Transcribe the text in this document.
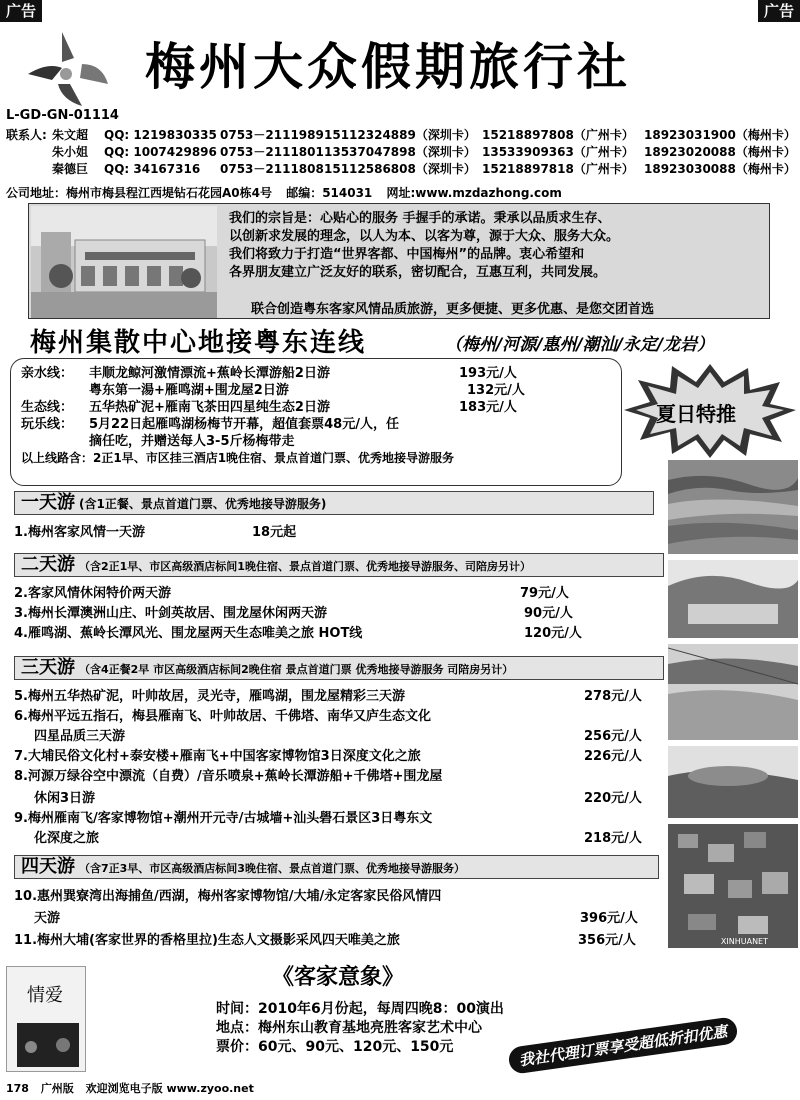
广告	广告
梅州大众假期旅行社
L-GD-GN-01114
联系人: 朱文超 QQ: 1219830335 0753－2111989 15112324889（深圳卡） 15218897808（广州卡） 18923031900（梅州卡）
朱小姐 QQ: 1007429896 0753－2111801 13537047898（深圳卡） 13533909363（广州卡） 18923020088（梅州卡）
秦德巨 QQ: 34167316 0753－2111808 15112586808（深圳卡） 15218897818（广州卡） 18923030088（梅州卡）
公司地址：梅州市梅县程江西堤钻石花园A0栋4号 邮编：514031 网址:www.mzdazhong.com
我们的宗旨是：心贴心的服务 手握手的承诺。秉承以品质求生存、
以创新求发展的理念，以人为本、以客为尊，源于大众、服务大众。
我们将致力于打造“世界客都、中国梅州”的品牌。衷心希望和
各界朋友建立广泛友好的联系，密切配合，互惠互利，共同发展。
联合创造粤东客家风情品质旅游，更多便捷、更多优惠、是您交团首选
梅州集散中心地接粤东连线	（梅州/河源/惠州/潮汕/永定/龙岩）
亲水线： 丰顺龙鲸河激情漂流+蕉岭长潭游船2日游	193元/人
粤东第一湯+雁鸣湖+围龙屋2日游	132元/人
生态线： 五华热矿泥+雁南飞茶田四星纯生态2日游	183元/人
玩乐线： 5月22日起雁鸣湖杨梅节开幕，超值套票48元/人，任
摘任吃，并赠送每人3-5斤杨梅带走
以上线路含：2正1早、市区挂三酒店1晚住宿、景点首道门票、优秀地接导游服务
夏日特推
一天游 (含1正餐、景点首道门票、优秀地接导游服务)
1.梅州客家风情一天游	18元起
二天游 （含2正1早、市区高级酒店标间1晚住宿、景点首道门票、优秀地接导游服务、司陪房另计）
2.客家风情休闲特价两天游	79元/人
3.梅州长潭澳洲山庄、叶剑英故居、围龙屋休闲两天游	90元/人
4.雁鸣湖、蕉岭长潭风光、围龙屋两天生态唯美之旅 HOT线	120元/人
三天游 （含4正餐2早 市区高级酒店标间2晚住宿 景点首道门票 优秀地接导游服务 司陪房另计）
5.梅州五华热矿泥，叶帅故居，灵光寺，雁鸣湖，围龙屋精彩三天游	278元/人
6.梅州平远五指石，梅县雁南飞、叶帅故居、千佛塔、南华又庐生态文化
四星品质三天游	256元/人
7.大埔民俗文化村+泰安楼+雁南飞+中国客家博物馆3日深度文化之旅	226元/人
8.河源万绿谷空中漂流（自费）/音乐喷泉+蕉岭长潭游船+千佛塔+围龙屋
休闲3日游	220元/人
9.梅州雁南飞/客家博物馆+潮州开元寺/古城墙+汕头礐石景区3日粤东文
化深度之旅	218元/人
四天游 （含7正3早、市区高级酒店标间3晚住宿、景点首道门票、优秀地接导游服务）
10.惠州巽寮湾出海捕鱼/西湖，梅州客家博物馆/大埔/永定客家民俗风情四
天游	396元/人
11.梅州大埔(客家世界的香格里拉)生态人文摄影采风四天唯美之旅	356元/人	XINHUANET
情爱
《客家意象》
时间：2010年6月份起，每周四晚8：00演出
地点：梅州东山教育基地亮胜客家艺术中心
票价：60元、90元、120元、150元	我社代理订票享受超低折扣优惠
178 广州版 欢迎浏览电子版 www.zyoo.net
